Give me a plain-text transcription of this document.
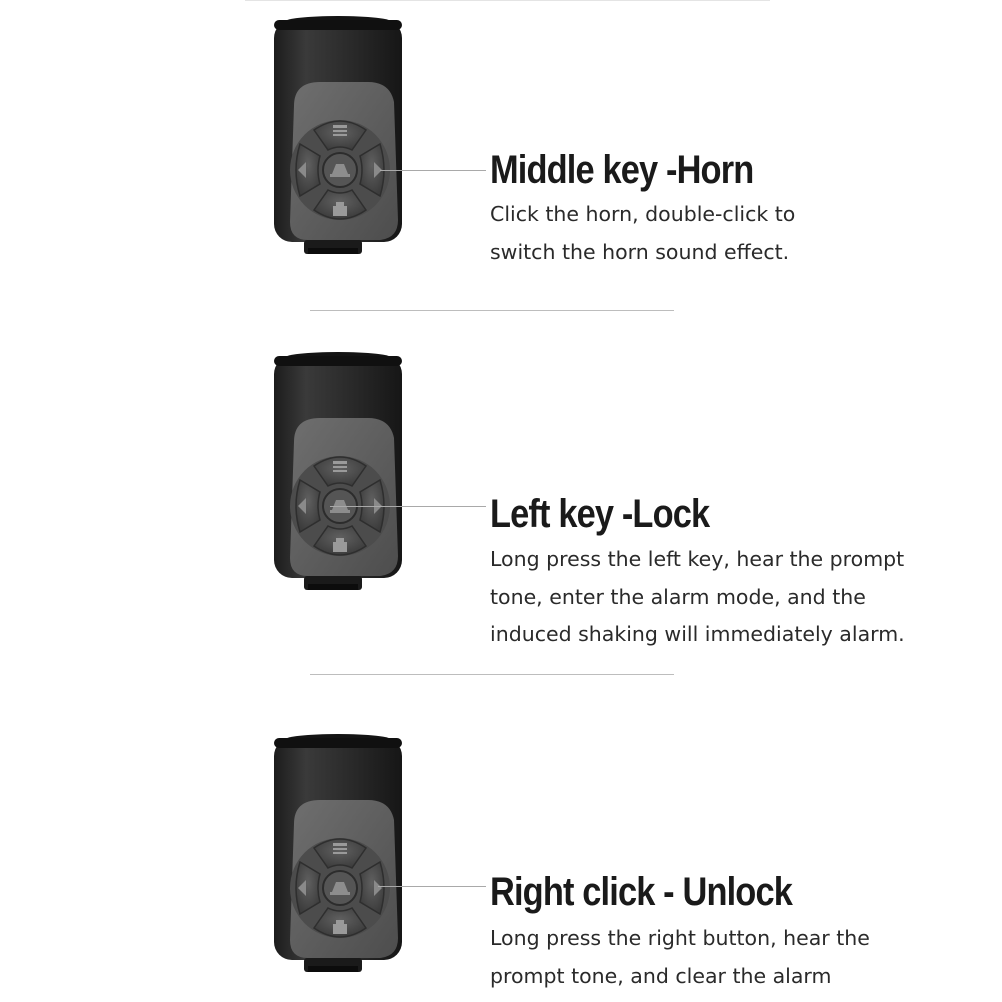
Middle key -Horn
Click the horn, double-click to
switch the horn sound effect.
Left key -Lock
Long press the left key, hear the prompt
tone, enter the alarm mode, and the
induced shaking will immediately alarm.
Right click - Unlock
Long press the right button, hear the
prompt tone, and clear the alarm
